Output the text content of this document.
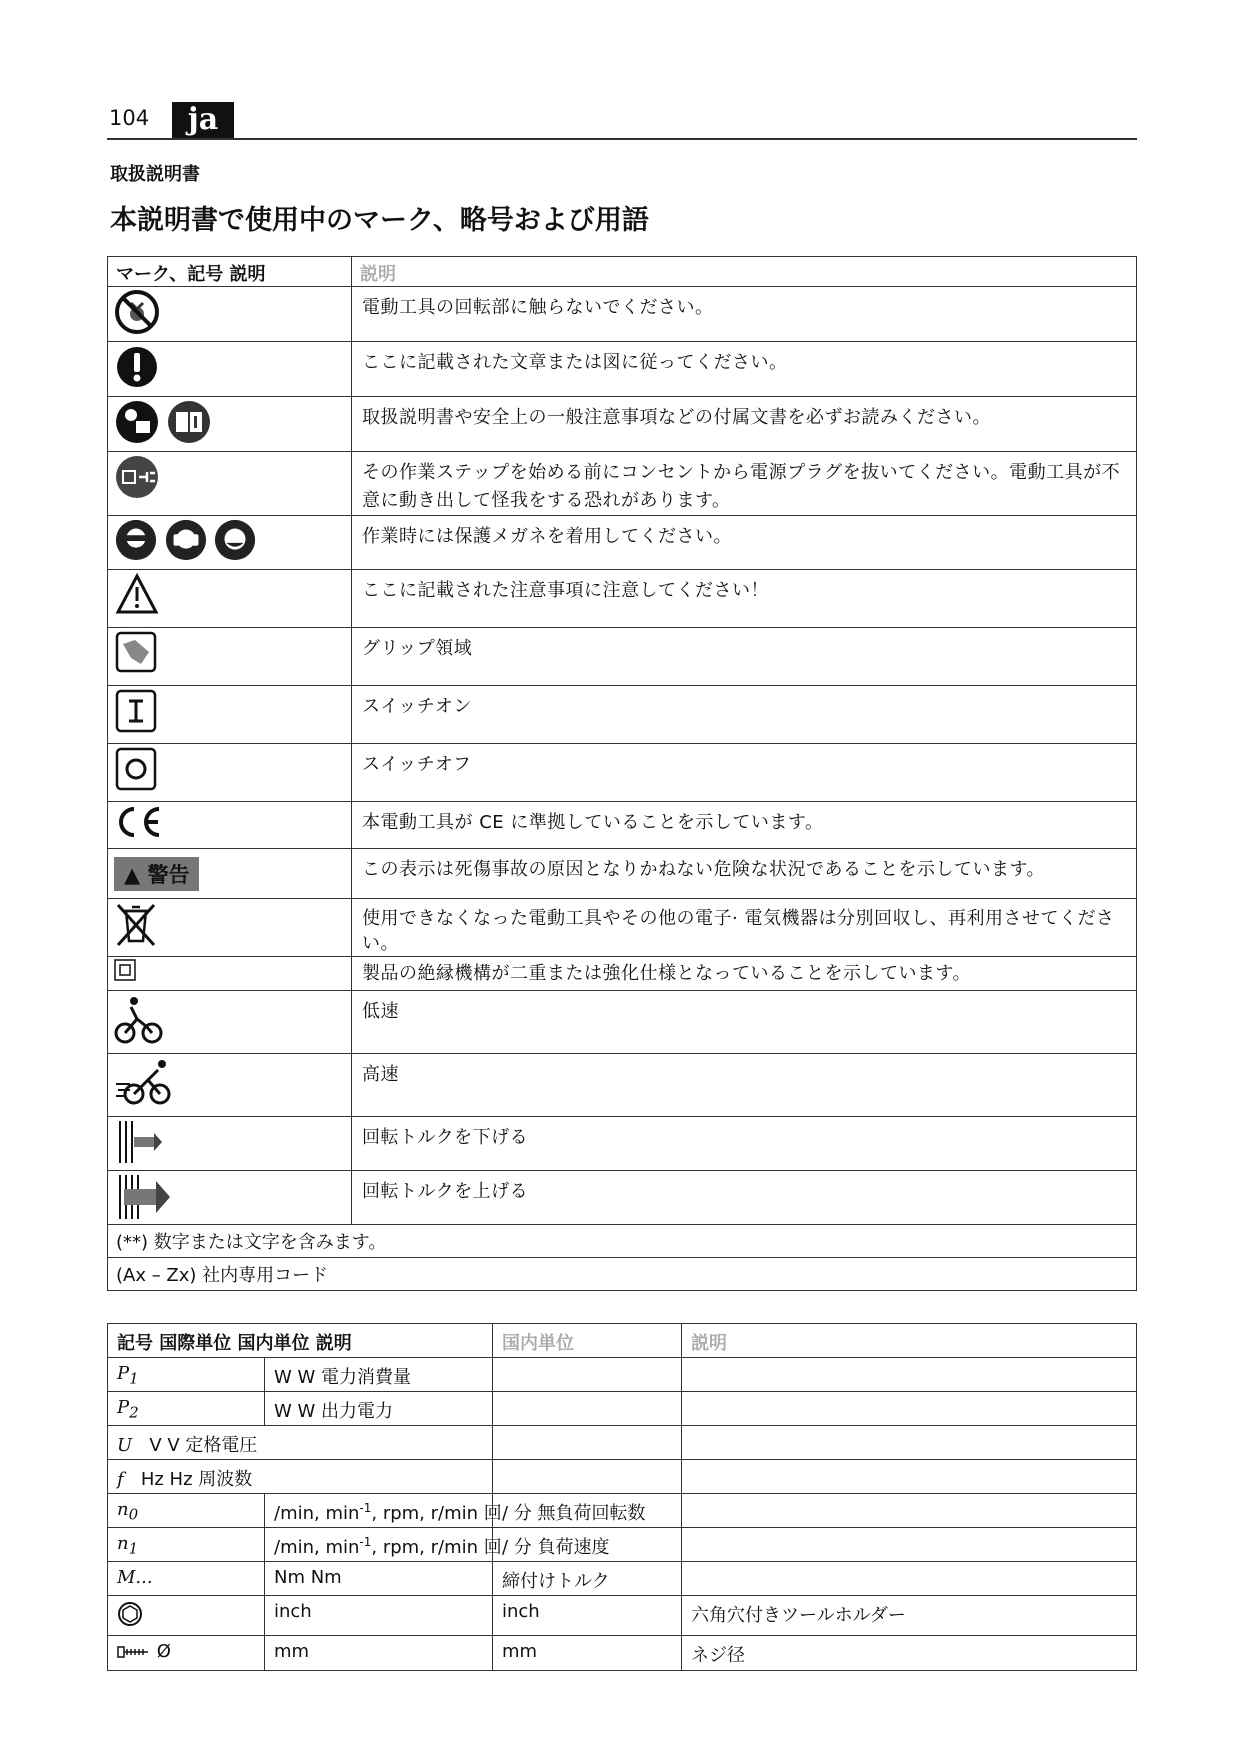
104	ja
取扱説明書
本説明書で使用中のマーク、略号および用語
マーク、記号 説明	説明
	電動工具の回転部に触らないでください。
	ここに記載された文章または図に従ってください。
	取扱説明書や安全上の一般注意事項などの付属文書を必ずお読みください。
	その作業ステップを始める前にコンセントから電源プラグを抜いてください。電動工具が不意に動き出して怪我をする恐れがあります。
	作業時には保護メガネを着用してください。
	ここに記載された注意事項に注意してください！
	グリップ領域
	スイッチオン
	スイッチオフ
	本電動工具が CE に準拠していることを示しています。
▲ 警告	この表示は死傷事故の原因となりかねない危険な状況であることを示しています。
	使用できなくなった電動工具やその他の電子· 電気機器は分別回収し、再利用させてください。
	製品の絶縁機構が二重または強化仕様となっていることを示しています。
	低速
	高速
	回転トルクを下げる
	回転トルクを上げる
(**) 数字または文字を含みます。	
(Ax – Zx) 社内専用コード	
記号 国際単位 国内単位 説明		国内単位	説明
$P_1$	W W 電力消費量		
$P_2$	W W 出力電力		
U V V 定格電圧			
f Hz Hz 周波数			
$n_0$	/min, $\min^{-1}$, rpm, r/min 回	/ 分 無負荷回転数	
$n_1$	/min, $\min^{-1}$, rpm, r/min 回	/ 分 負荷速度	
M...	Nm Nm	締付けトルク	
	inch	inch	六角穴付きツールホルダー
Ø	mm	mm	ネジ径
